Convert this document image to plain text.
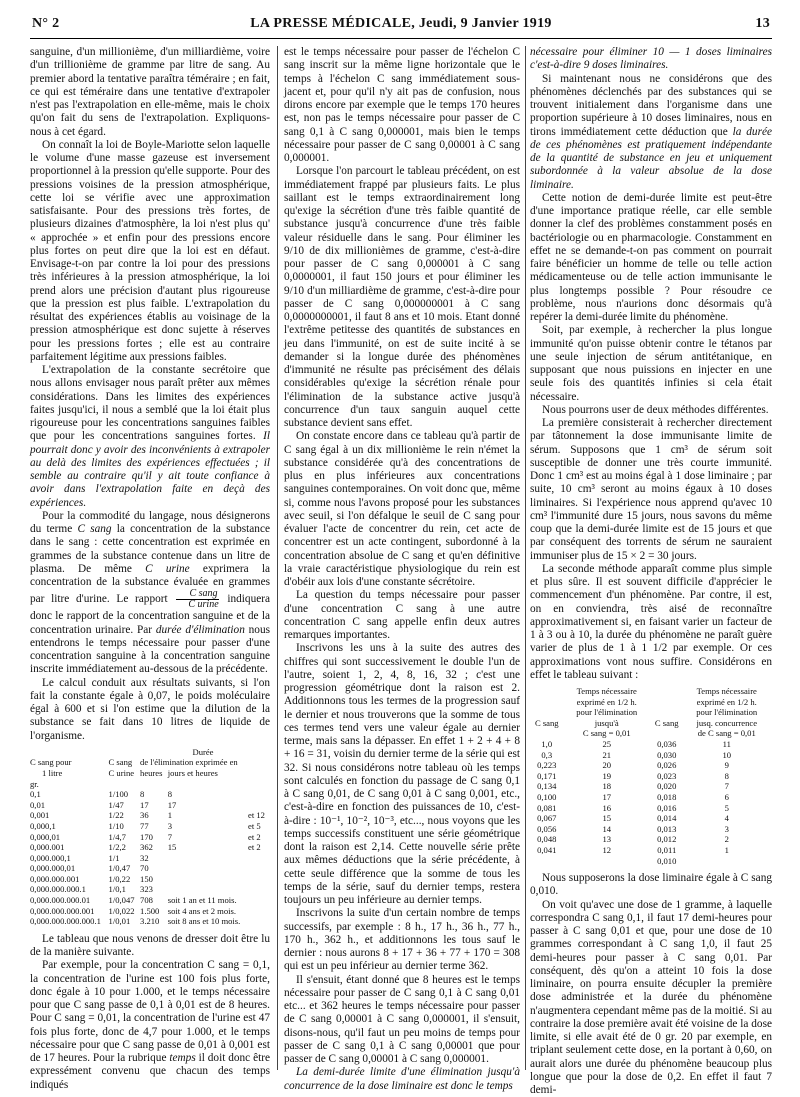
N° 2	LA PRESSE MÉDICALE, Jeudi, 9 Janvier 1919	13

sanguine, d'un millionième, d'un milliardième, voire d'un trillionième de gramme par litre de sang. Au premier abord la tentative paraîtra téméraire ; en fait, ce qui est téméraire dans une tentative d'extrapoler n'est pas l'extrapolation en elle-même, mais le choix qu'on fait du sens de l'extrapolation. Expliquons-nous à cet égard.

On connaît la loi de Boyle-Mariotte selon laquelle le volume d'une masse gazeuse est inversement proportionnel à la pression qu'elle supporte. Pour des pressions voisines de la pression atmosphérique, cette loi se vérifie avec une approximation satisfaisante. Pour des pressions très fortes, de plusieurs dizaines d'atmosphère, la loi n'est plus qu' « approchée » et enfin pour des pressions encore plus fortes on peut dire que la loi est en défaut. Envisage-t-on par contre la loi pour des pressions très inférieures à la pression atmosphérique, la loi prend alors une précision d'autant plus rigoureuse que la pression est plus faible. L'extrapolation du résultat des expériences établis au voisinage de la pression atmosphérique est donc sujette à réserves pour les pressions fortes ; elle est au contraire parfaitement légitime aux pressions faibles.

L'extrapolation de la constante secrétoire que nous allons envisager nous paraît prêter aux mêmes considérations. Dans les limites des expériences faites jusqu'ici, il nous a semblé que la loi était plus rigoureuse pour les concentrations sanguines faibles que pour les concentrations sanguines fortes. Il pourrait donc y avoir des inconvénients à extrapoler au delà des limites des expériences effectuées ; il semble au contraire qu'il y ait toute confiance à avoir dans l'extrapolation faite en deçà des expériences.

Pour la commodité du langage, nous désignerons du terme C sang la concentration de la substance dans le sang : cette concentration est exprimée en grammes de la substance contenue dans un litre de plasma. De même C urine exprimera la concentration de la substance évaluée en grammes par litre d'urine. Le rapport $\frac{\text{C sang}}{\text{C urine}}$ indiquera donc le rapport de la concentration sanguine et de la concentration urinaire. Par durée d'élimination nous entendrons le temps nécessaire pour passer d'une concentration sanguine à la concentration sanguine inscrite immédiatement au-dessous de la précédente.

Le calcul conduit aux résultats suivants, si l'on fait la constante égale à 0,07, le poids moléculaire égal à 600 et si l'on estime que la dilution de la substance se fait dans 10 litres de liquide de l'organisme.

		Durée		
C sang pour	C sang	de l'élimination exprimée en		
1 litre	C urine	heures	jours et heures	
gr.				
0,1	1/100	8	8	
0,01	1/47	17	17	
0,001	1/22	36	1	et 12
0,000,1	1/10	77	3	et 5
0,000,01	1/4,7	170	7	et 2
0,000.001	1/2,2	362	15	et 2
0,000.000,1	1/1	32		
0,000.000,01	1/0,47	70		
0,000.000.001	1/0,22	150		
0,000.000.000.1	1/0,1	323		
0,000.000.000.01	1/0,047	708	soit 1 an et 11 mois.
0,000.000.000.001	1/0,022	1.500	soit 4 ans et 2 mois.
0,000.000.000.000.1	1/0,01	3.210	soit 8 ans et 10 mois.

Le tableau que nous venons de dresser doit être lu de la manière suivante.

Par exemple, pour la concentration C sang = 0,1, la concentration de l'urine est 100 fois plus forte, donc égale à 10 pour 1.000, et le temps nécessaire pour que C sang passe de 0,1 à 0,01 est de 8 heures. Pour C sang = 0,01, la concentration de l'urine est 47 fois plus forte, donc de 4,7 pour 1.000, et le temps nécessaire pour que C sang passe de 0,01 à 0,001 est de 17 heures. Pour la rubrique temps il doit donc être expressément convenu que chacun des temps indiqués

est le temps nécessaire pour passer de l'échelon C sang inscrit sur la même ligne horizontale que le temps à l'échelon C sang immédiatement sous-jacent et, pour qu'il n'y ait pas de confusion, nous dirons encore par exemple que le temps 170 heures est, non pas le temps nécessaire pour passer de C sang 0,1 à C sang 0,000001, mais bien le temps nécessaire pour passer de C sang 0,00001 à C sang 0,000001.

Lorsque l'on parcourt le tableau précédent, on est immédiatement frappé par plusieurs faits. Le plus saillant est le temps extraordinairement long qu'exige la sécrétion d'une très faible quantité de substance jusqu'à concurrence d'une très faible valeur résiduelle dans le sang. Pour éliminer les 9/10 de dix millionièmes de gramme, c'est-à-dire pour passer de C sang 0,000001 à C sang 0,0000001, il faut 150 jours et pour éliminer les 9/10 d'un milliardième de gramme, c'est-à-dire pour passer de C sang 0,000000001 à C sang 0,0000000001, il faut 8 ans et 10 mois. Etant donné l'extrême petitesse des quantités de substances en jeu dans l'immunité, on est de suite incité à se demander si la longue durée des phénomènes d'immunité ne résulte pas précisément des délais considérables qu'exige la sécrétion rénale pour l'élimination de la substance active jusqu'à concurrence d'un taux sanguin auquel cette substance devient sans effet.

On constate encore dans ce tableau qu'à partir de C sang égal à un dix millionième le rein n'émet la substance considérée qu'à des concentrations de plus en plus inférieures aux concentrations sanguines contemporaines. On voit donc que, même si, comme nous l'avons proposé pour les substances avec seuil, si l'on défalque le seuil de C sang pour évaluer l'acte de concentrer du rein, cet acte de concentrer est un acte contingent, subordonné à la concentration absolue de C sang et qu'en définitive la vraie caractéristique physiologique du rein est d'obéir aux lois d'une constante sécrétoire.

La question du temps nécessaire pour passer d'une concentration C sang à une autre concentration C sang appelle enfin deux autres remarques importantes.

Inscrivons les uns à la suite des autres des chiffres qui sont successivement le double l'un de l'autre, soient 1, 2, 4, 8, 16, 32 ; c'est une progression géométrique dont la raison est 2. Additionnons tous les termes de la progression sauf le dernier et nous trouverons que la somme de tous ces termes tend vers une valeur égale au dernier terme, mais sans la dépasser. En effet 1 + 2 + 4 + 8 + 16 = 31, voisin du dernier terme de la série qui est 32. Si nous considérons notre tableau où les temps sont calculés en fonction du passage de C sang 0,1 à C sang 0,01, de C sang 0,01 à C sang 0,001, etc., c'est-à-dire en fonction des puissances de 10, c'est-à-dire : 10⁻¹, 10⁻², 10⁻³, etc..., nous voyons que les temps successifs constituent une série géométrique dont la raison est 2,14. Cette nouvelle série prête aux mêmes déductions que la série précédente, à cette seule différence que la somme de tous les temps de la série, sauf du dernier temps, restera toujours un peu inférieure au dernier temps.

Inscrivons la suite d'un certain nombre de temps successifs, par exemple : 8 h., 17 h., 36 h., 77 h., 170 h., 362 h., et additionnons les tous sauf le dernier : nous aurons 8 + 17 + 36 + 77 + 170 = 308 qui est un peu inférieur au dernier terme 362.

Il s'ensuit, étant donné que 8 heures est le temps nécessaire pour passer de C sang 0,1 à C sang 0,01 etc... et 362 heures le temps nécessaire pour passer de C sang 0,00001 à C sang 0,000001, il s'ensuit, disons-nous, qu'il faut un peu moins de temps pour passer de C sang 0,1 à C sang 0,00001 que pour passer de C sang 0,00001 à C sang 0,000001.

La demi-durée limite d'une élimination jusqu'à concurrence de la dose liminaire est donc le temps

nécessaire pour éliminer 10 — 1 doses liminaires c'est-à-dire 9 doses liminaires.

Si maintenant nous ne considérons que des phénomènes déclenchés par des substances qui se trouvent initialement dans l'organisme dans une proportion supérieure à 10 doses liminaires, nous en tirons immédiatement cette déduction que la durée de ces phénomènes est pratiquement indépendante de la quantité de substance en jeu et uniquement subordonnée à la valeur absolue de la dose liminaire.

Cette notion de demi-durée limite est peut-être d'une importance pratique réelle, car elle semble donner la clef des problèmes constamment posés en bactériologie ou en pharmacologie. Constamment en effet ne se demande-t-on pas comment on pourrait faire bénéficier un homme de telle ou telle action médicamenteuse ou de telle action immunisante le plus longtemps possible ? Pour résoudre ce problème, nous n'aurions donc désormais qu'à repérer la demi-durée limite du phénomène.

Soit, par exemple, à rechercher la plus longue immunité qu'on puisse obtenir contre le tétanos par une seule injection de sérum antitétanique, en supposant que nous puissions en injecter en une seule fois des quantités infinies si cela était nécessaire.

Nous pourrons user de deux méthodes différentes.

La première consisterait à rechercher directement par tâtonnement la dose immunisante limite de sérum. Supposons que 1 cm³ de sérum soit susceptible de donner une très courte immunité. Donc 1 cm³ est au moins égal à 1 dose liminaire ; par suite, 10 cm³ seront au moins égaux à 10 doses liminaires. Si l'expérience nous apprend qu'avec 10 cm³ l'immunité dure 15 jours, nous savons du même coup que la demi-durée limite est de 15 jours et que par conséquent des torrents de sérum ne sauraient immuniser plus de 15 × 2 = 30 jours.

La seconde méthode apparaît comme plus simple et plus sûre. Il est souvent difficile d'apprécier le commencement d'un phénomène. Par contre, il est, on en conviendra, très aisé de reconnaître approximativement si, en faisant varier un facteur de 1 à 3 ou à 10, la durée du phénomène ne paraît guère varier de plus de 1 à 1 1/2 par exemple. Or ces approximations vont nous suffire. Considérons en effet le tableau suivant :

	Temps nécessaire		Temps nécessaire
	exprimé en 1/2 h.		exprimé en 1/2 h.
	pour l'élimination		pour l'élimination
C sang	jusqu'à	C sang	jusq. concurrence
	C sang = 0,01		de C sang = 0,01
1,0	25	0,036	11
0,3	21	0,030	10
0,223	20	0,026	9
0,171	19	0,023	8
0,134	18	0,020	7
0,100	17	0,018	6
0,081	16	0,016	5
0,067	15	0,014	4
0,056	14	0,013	3
0,048	13	0,012	2
0,041	12	0,011	1
		0,010	

Nous supposerons la dose liminaire égale à C sang 0,010.

On voit qu'avec une dose de 1 gramme, à laquelle correspondra C sang 0,1, il faut 17 demi-heures pour passer à C sang 0,01 et que, pour une dose de 10 grammes correspondant à C sang 1,0, il faut 25 demi-heures pour passer à C sang 0,01. Par conséquent, dès qu'on a atteint 10 fois la dose liminaire, on pourra ensuite décupler la première dose administrée et la durée du phénomène n'augmentera cependant même pas de la moitié. Si au contraire la dose première avait été voisine de la dose limite, si elle avait été de 0 gr. 20 par exemple, en triplant seulement cette dose, en la portant à 0,60, on aurait alors une durée du phénomène beaucoup plus longue que pour la dose de 0,2. En effet il faut 7 demi-
